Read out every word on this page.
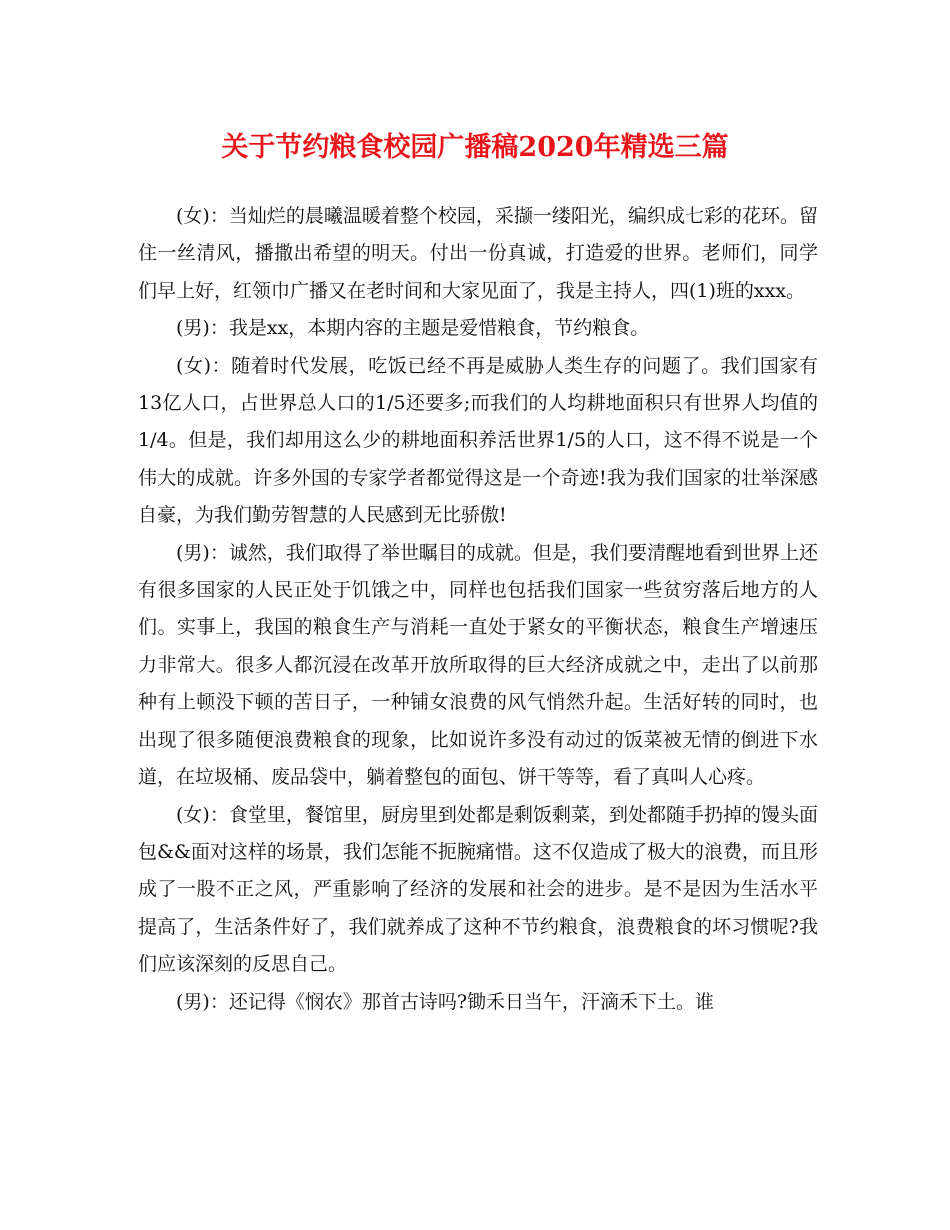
关于节约粮食校园广播稿2020年精选三篇

(女)：当灿烂的晨曦温暖着整个校园，采撷一缕阳光，编织成七彩的花环。留住一丝清风，播撒出希望的明天。付出一份真诚，打造爱的世界。老师们，同学们早上好，红领巾广播又在老时间和大家见面了，我是主持人，四(1)班的xxx。

(男)：我是xx，本期内容的主题是爱惜粮食，节约粮食。

(女)：随着时代发展，吃饭已经不再是威胁人类生存的问题了。我们国家有13亿人口，占世界总人口的1/5还要多;而我们的人均耕地面积只有世界人均值的1/4。但是，我们却用这么少的耕地面积养活世界1/5的人口，这不得不说是一个伟大的成就。许多外国的专家学者都觉得这是一个奇迹!我为我们国家的壮举深感自豪，为我们勤劳智慧的人民感到无比骄傲!

(男)：诚然，我们取得了举世瞩目的成就。但是，我们要清醒地看到世界上还有很多国家的人民正处于饥饿之中，同样也包括我们国家一些贫穷落后地方的人们。实事上，我国的粮食生产与消耗一直处于紧女的平衡状态，粮食生产增速压力非常大。很多人都沉浸在改革开放所取得的巨大经济成就之中，走出了以前那种有上顿没下顿的苦日子，一种铺女浪费的风气悄然升起。生活好转的同时，也出现了很多随便浪费粮食的现象，比如说许多没有动过的饭菜被无情的倒进下水道，在垃圾桶、废品袋中，躺着整包的面包、饼干等等，看了真叫人心疼。

(女)：食堂里，餐馆里，厨房里到处都是剩饭剩菜，到处都随手扔掉的馒头面包&&面对这样的场景，我们怎能不扼腕痛惜。这不仅造成了极大的浪费，而且形成了一股不正之风，严重影响了经济的发展和社会的进步。是不是因为生活水平提高了，生活条件好了，我们就养成了这种不节约粮食，浪费粮食的坏习惯呢?我们应该深刻的反思自己。

(男)：还记得《悯农》那首古诗吗?锄禾日当午，汗滴禾下土。谁
